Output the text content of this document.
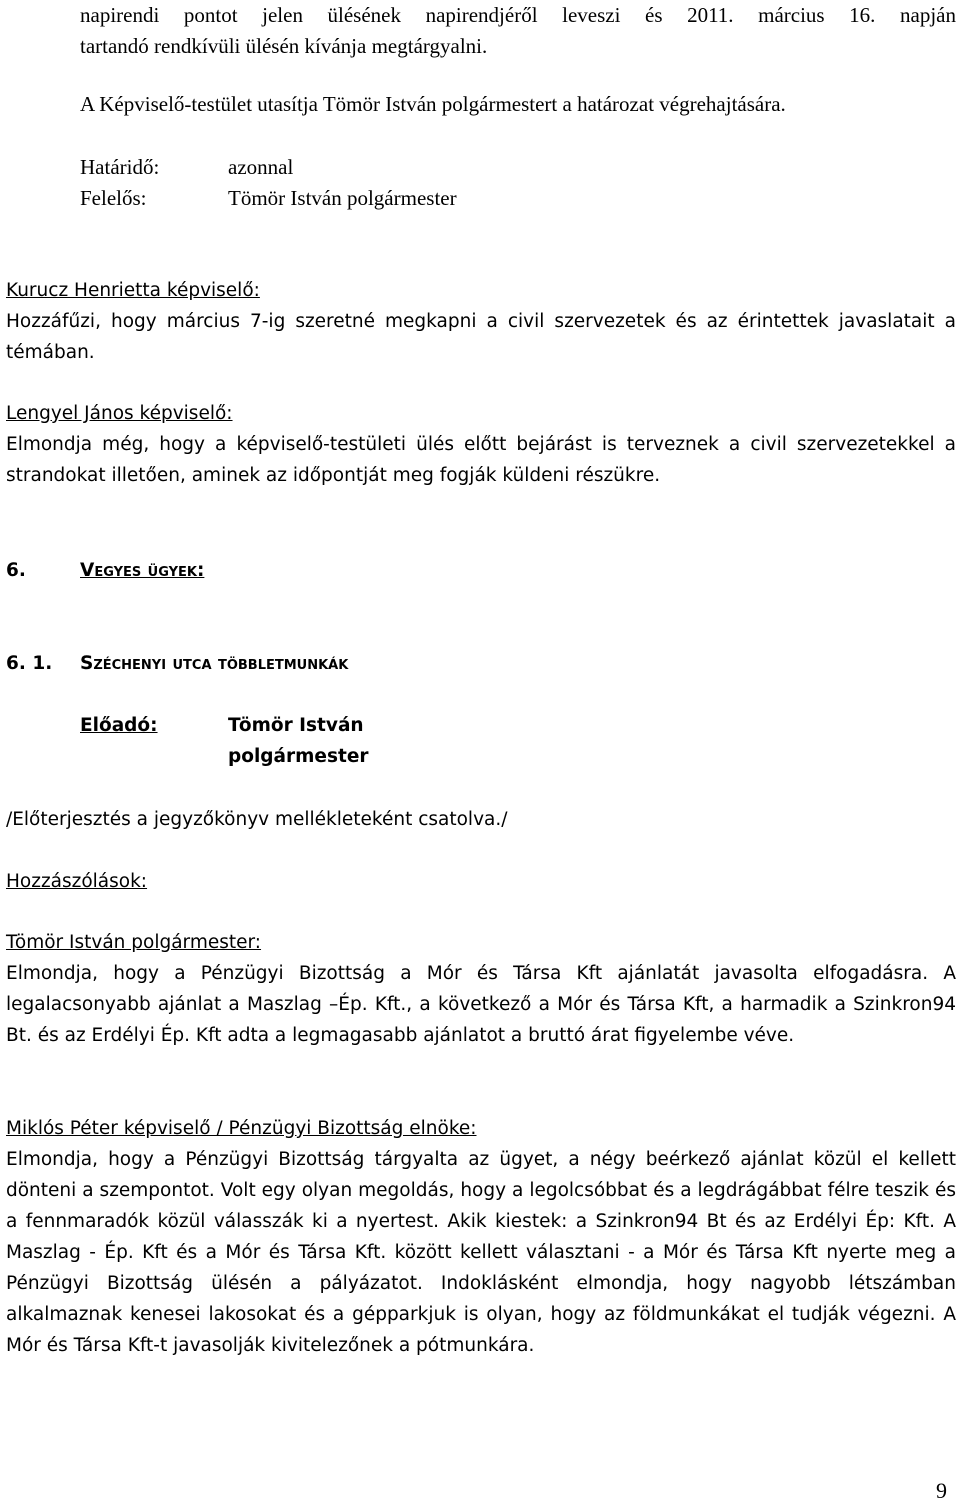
napirendi pontot jelen ülésének napirendjéről leveszi és 2011. március 16. napján
tartandó rendkívüli ülésén kívánja megtárgyalni.
A Képviselő-testület utasítja Tömör István polgármestert a határozat végrehajtására.
Határidő:	azonnal
Felelős:	Tömör István polgármester
Kurucz Henrietta képviselő:
Hozzáfűzi, hogy március 7-ig szeretné megkapni a civil szervezetek és az érintettek javaslatait a témában.
Lengyel János képviselő:
Elmondja még, hogy a képviselő-testületi ülés előtt bejárást is terveznek a civil szervezetekkel a strandokat illetően, aminek az időpontját meg fogják küldeni részükre.
6.	Vegyes ügyek:
6. 1. Széchenyi utca többletmunkák
Előadó:	Tömör István
polgármester
/Előterjesztés a jegyzőkönyv mellékleteként csatolva./
Hozzászólások:
Tömör István polgármester:
Elmondja, hogy a Pénzügyi Bizottság a Mór és Társa Kft ajánlatát javasolta elfogadásra. A legalacsonyabb ajánlat a Maszlag –Ép. Kft., a következő a Mór és Társa Kft, a harmadik a Szinkron94 Bt. és az Erdélyi Ép. Kft adta a legmagasabb ajánlatot a bruttó árat figyelembe véve.
Miklós Péter képviselő / Pénzügyi Bizottság elnöke:
Elmondja, hogy a Pénzügyi Bizottság tárgyalta az ügyet, a négy beérkező ajánlat közül el kellett dönteni a szempontot. Volt egy olyan megoldás, hogy a legolcsóbbat és a legdrágábbat félre teszik és a fennmaradók közül válasszák ki a nyertest. Akik kiestek: a Szinkron94 Bt és az Erdélyi Ép: Kft. A Maszlag - Ép. Kft és a Mór és Társa Kft. között kellett választani - a Mór és Társa Kft nyerte meg a Pénzügyi Bizottság ülésén a pályázatot. Indoklásként elmondja, hogy nagyobb létszámban alkalmaznak kenesei lakosokat és a gépparkjuk is olyan, hogy az földmunkákat el tudják végezni. A Mór és Társa Kft-t javasolják kivitelezőnek a pótmunkára.
9
